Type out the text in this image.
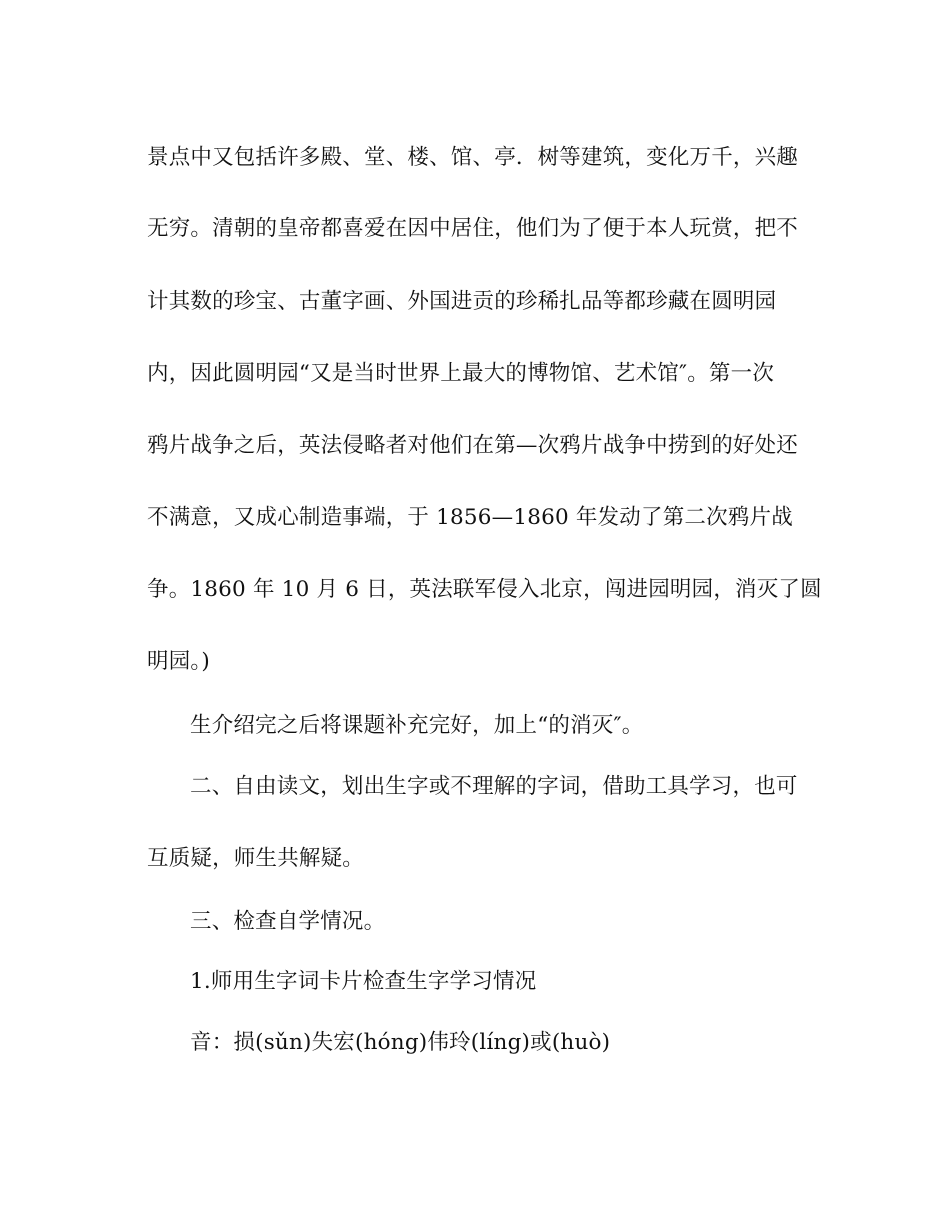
景点中又包括许多殿、堂、楼、馆、亭．树等建筑，变化万千，兴趣
无穷。清朝的皇帝都喜爱在因中居住，他们为了便于本人玩赏，把不
计其数的珍宝、古董字画、外国进贡的珍稀扎品等都珍藏在圆明园
内，因此圆明园“又是当时世界上最大的博物馆、艺术馆″。第一次
鸦片战争之后，英法侵略者对他们在第—次鸦片战争中捞到的好处还
不满意，又成心制造事端，于 1856—1860 年发动了第二次鸦片战
争。1860 年 10 月 6 日，英法联军侵入北京，闯进园明园，消灭了圆
明园。)
生介绍完之后将课题补充完好，加上“的消灭″。
二、自由读文，划出生字或不理解的字词，借助工具学习，也可
互质疑，师生共解疑。
三、检查自学情况。
1.师用生字词卡片检查生字学习情况
音：损(sǔn)失宏(hóng)伟玲(líng)或(huò)
